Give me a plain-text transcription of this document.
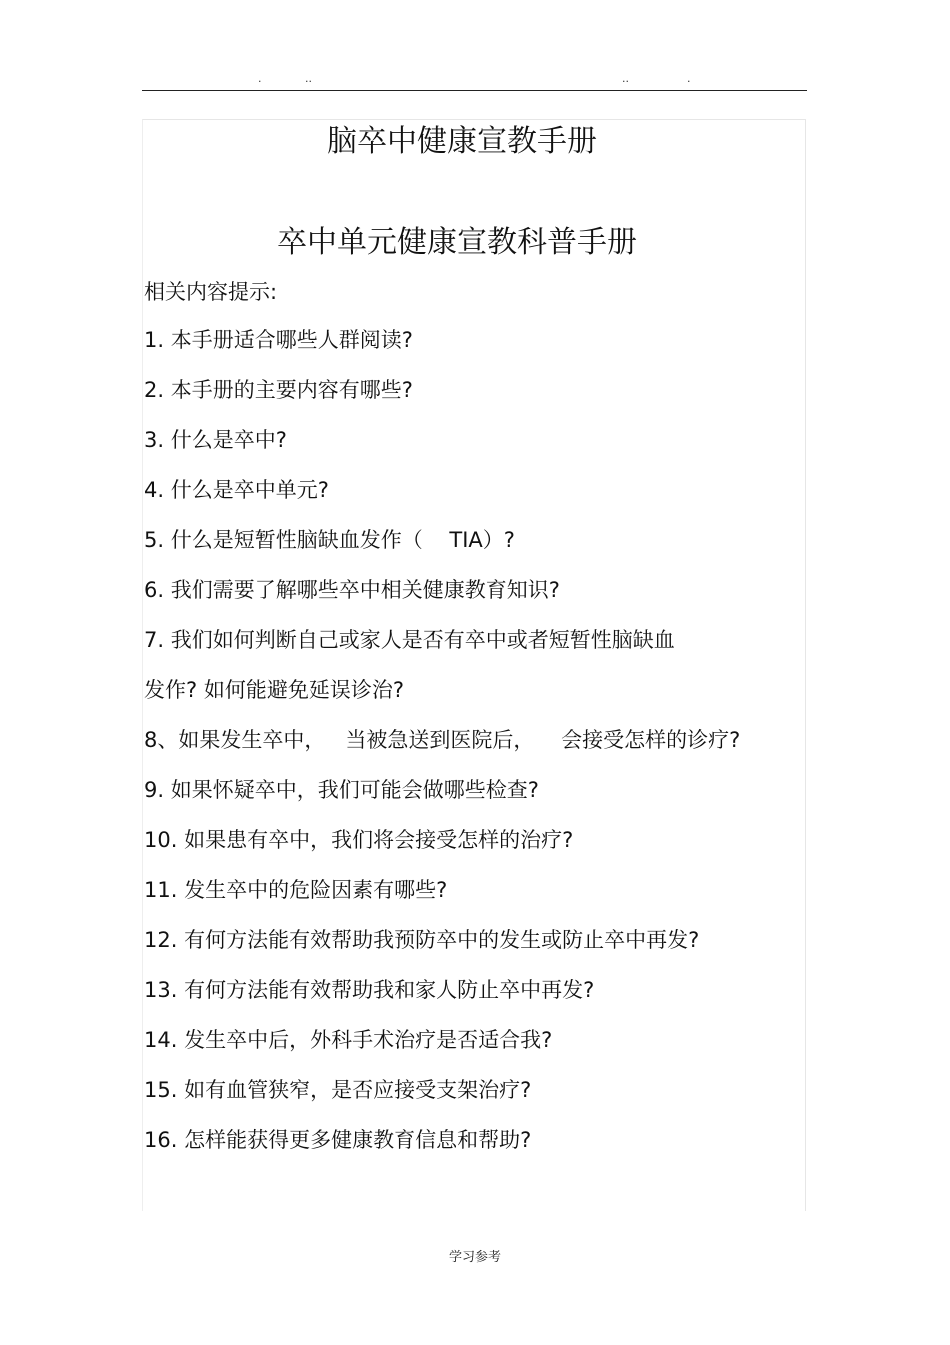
.	..	..	.
脑卒中健康宣教手册
卒中单元健康宣教科普手册

相关内容提示:

1. 本手册适合哪些人群阅读?
2. 本手册的主要内容有哪些?
3. 什么是卒中?
4. 什么是卒中单元?
5. 什么是短暂性脑缺血发作（    TIA）?
6. 我们需要了解哪些卒中相关健康教育知识?
7. 我们如何判断自己或家人是否有卒中或者短暂性脑缺血
发作? 如何能避免延误诊治?
8、如果发生卒中，   当被急送到医院后，    会接受怎样的诊疗?
9. 如果怀疑卒中，我们可能会做哪些检查?
10. 如果患有卒中，我们将会接受怎样的治疗?
11. 发生卒中的危险因素有哪些?
12. 有何方法能有效帮助我预防卒中的发生或防止卒中再发?
13. 有何方法能有效帮助我和家人防止卒中再发?
14. 发生卒中后，外科手术治疗是否适合我?
15. 如有血管狭窄，是否应接受支架治疗?
16. 怎样能获得更多健康教育信息和帮助?
学习参考
